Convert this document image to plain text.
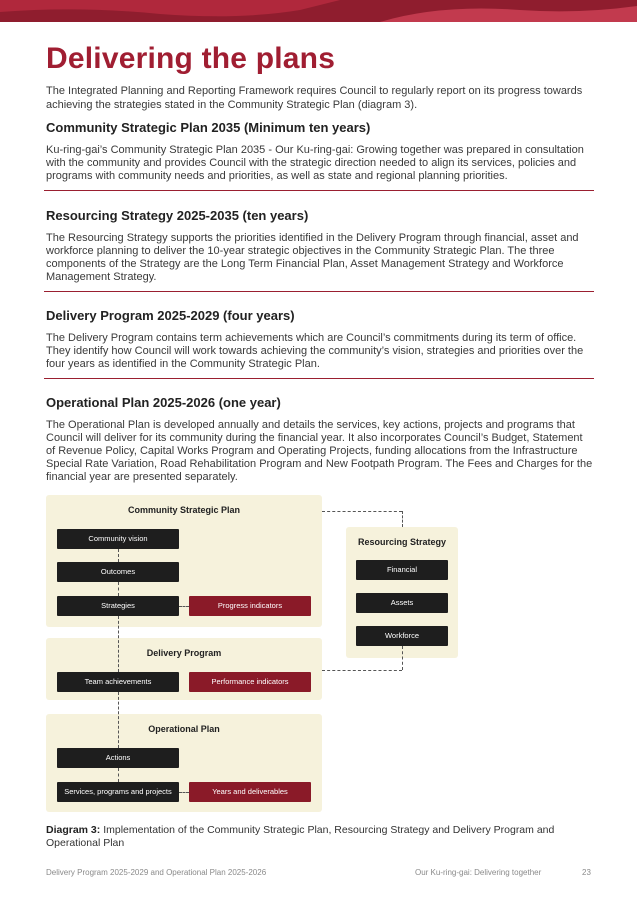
Delivering the plans

The Integrated Planning and Reporting Framework requires Council to regularly report on its progress towards achieving the strategies stated in the Community Strategic Plan (diagram 3).

Community Strategic Plan 2035 (Minimum ten years)

Ku-ring-gai’s Community Strategic Plan 2035 - Our Ku-ring-gai: Growing together was prepared in consultation with the community and provides Council with the strategic direction needed to align its services, policies and programs with community needs and priorities, as well as state and regional planning priorities.

Resourcing Strategy 2025-2035 (ten years)

The Resourcing Strategy supports the priorities identified in the Delivery Program through financial, asset and workforce planning to deliver the 10-year strategic objectives in the Community Strategic Plan. The three components of the Strategy are the Long Term Financial Plan, Asset Management Strategy and Workforce Management Strategy.

Delivery Program 2025-2029 (four years)

The Delivery Program contains term achievements which are Council’s commitments during its term of office. They identify how Council will work towards achieving the community’s vision, strategies and priorities over the four years as identified in the Community Strategic Plan.

Operational Plan 2025-2026 (one year)

The Operational Plan is developed annually and details the services, key actions, projects and programs that Council will deliver for its community during the financial year. It also incorporates Council’s Budget, Statement of Revenue Policy, Capital Works Program and Operating Projects, funding allocations from the Infrastructure Special Rate Variation, Road Rehabilitation Program and New Footpath Program. The Fees and Charges for the financial year are presented separately.

Community Strategic Plan
Community vision
Outcomes
Strategies	Progress indicators
Resourcing Strategy
Financial
Assets
Workforce
Delivery Program
Team achievements	Performance indicators
Operational Plan
Actions
Services, programs and projects	Years and deliverables

Diagram 3: Implementation of the Community Strategic Plan, Resourcing Strategy and Delivery Program and Operational Plan

Delivery Program 2025-2029 and Operational Plan 2025-2026	Our Ku-ring-gai: Delivering together	23
